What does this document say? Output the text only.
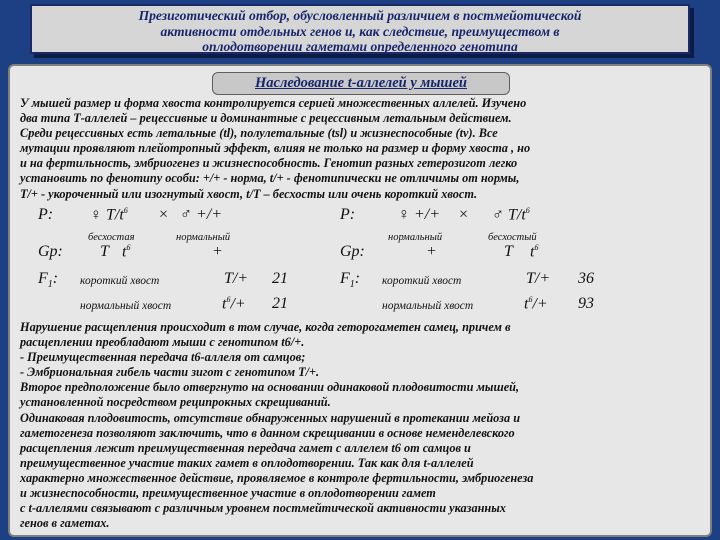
Презиготический отбор, обусловленный различием в постмейотической
активности отдельных генов и, как следствие, преимуществом в
оплодотворении гаметами определенного генотипа
Наследование t-аллелей у мышей
У мышей размер и форма хвоста контролируется серией множественных аллелей. Изучено
два типа Т-аллелей – рецессивные и доминантные с рецессивным летальным действием.
Среди рецессивных есть летальные (tl), полулетальные (tsl) и жизнеспособные (tv). Все
мутации проявляют плейотропный эффект, влияя не только на размер и форму хвоста , но
и на фертильность, эмбриогенез и жизнеспособность. Генотип разных гетерозигот легко
установить по фенотипу особи: +/+ - норма, t/+ - фенотипически не отличимы от нормы,
Т/+ - укороченный или изогнутый хвост, t/Т – бесхосты или очень короткий хвост.
P: ♀ $T/t^6$ × ♂ +/+
бесхостая	нормальный
Gp: T $t^6$	+
$F_1$: короткий хвост	T/+ 21
нормальный хвост	$t^6/+ 21$
P:	♀ +/+ × ♂ $T/t^6$
нормальный	бесхостый
Gp:	+	T $t^6$
$F_1$: короткий хвост	T/+ 36
нормальный хвост	$t^6/+ 93$
Нарушение расщепления происходит в том случае, когда геторогаметен самец, причем в
расщеплении преобладают мыши с генотипом t6/+.
- Преимущественная передача t6-аллеля от самцов;
- Эмбриональная гибель части зигот с генотипом Т/+.
Второе предположение было отвергнуто на основании одинаковой плодовитости мышей,
установленной посредством реципрокных скрещиваний.
Одинаковая плодовитость, отсутствие обнаруженных нарушений в протекании мейоза и
гаметогенеза позволяют заключить, что в данном скрещивании в основе неменделевского
расщепления лежит преимущественная передача гамет с аллелем t6 от самцов и
преимущественное участие таких гамет в оплодотворении. Так как для t-аллелей
характерно множественное действие, проявляемое в контроле фертильности, эмбриогенеза
и жизнеспособности, преимущественное участие в оплодотворении гамет
с t-аллелями связывают с различным уровнем постмейтической активности указанных
генов в гаметах.
